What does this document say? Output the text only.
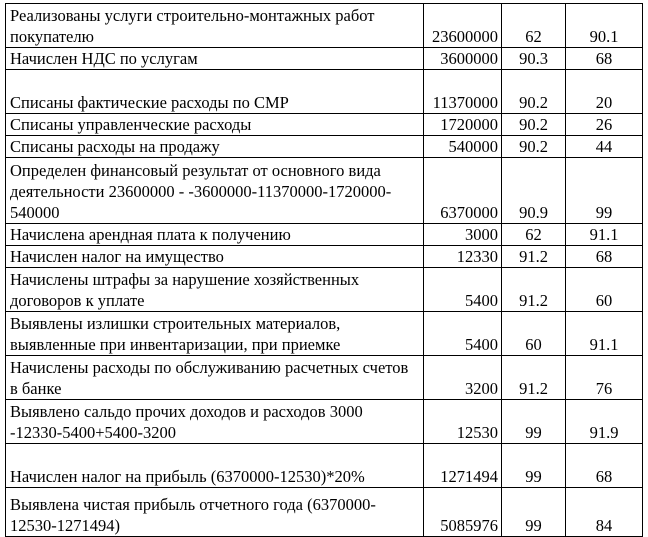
Реализованы услуги строительно-монтажных работ покупателю	23600000	62	90.1
Начислен НДС по услугам	3600000	90.3	68
Списаны фактические расходы по СМР	11370000	90.2	20
Списаны управленческие расходы	1720000	90.2	26
Списаны расходы на продажу	540000	90.2	44
Определен финансовый результат от основного вида деятельности 23600000 - -3600000-11370000-1720000-540000	6370000	90.9	99
Начислена арендная плата к получению	3000	62	91.1
Начислен налог на имущество	12330	91.2	68
Начислены штрафы за нарушение хозяйственных договоров к уплате	5400	91.2	60
Выявлены излишки строительных материалов, выявленные при инвентаризации, при приемке	5400	60	91.1
Начислены расходы по обслуживанию расчетных счетов в банке	3200	91.2	76
Выявлено сальдо прочих доходов и расходов 3000 -12330-5400+5400-3200	12530	99	91.9
Начислен налог на прибыль (6370000-12530)*20%	1271494	99	68
Выявлена чистая прибыль отчетного года (6370000-12530-1271494)	5085976	99	84
